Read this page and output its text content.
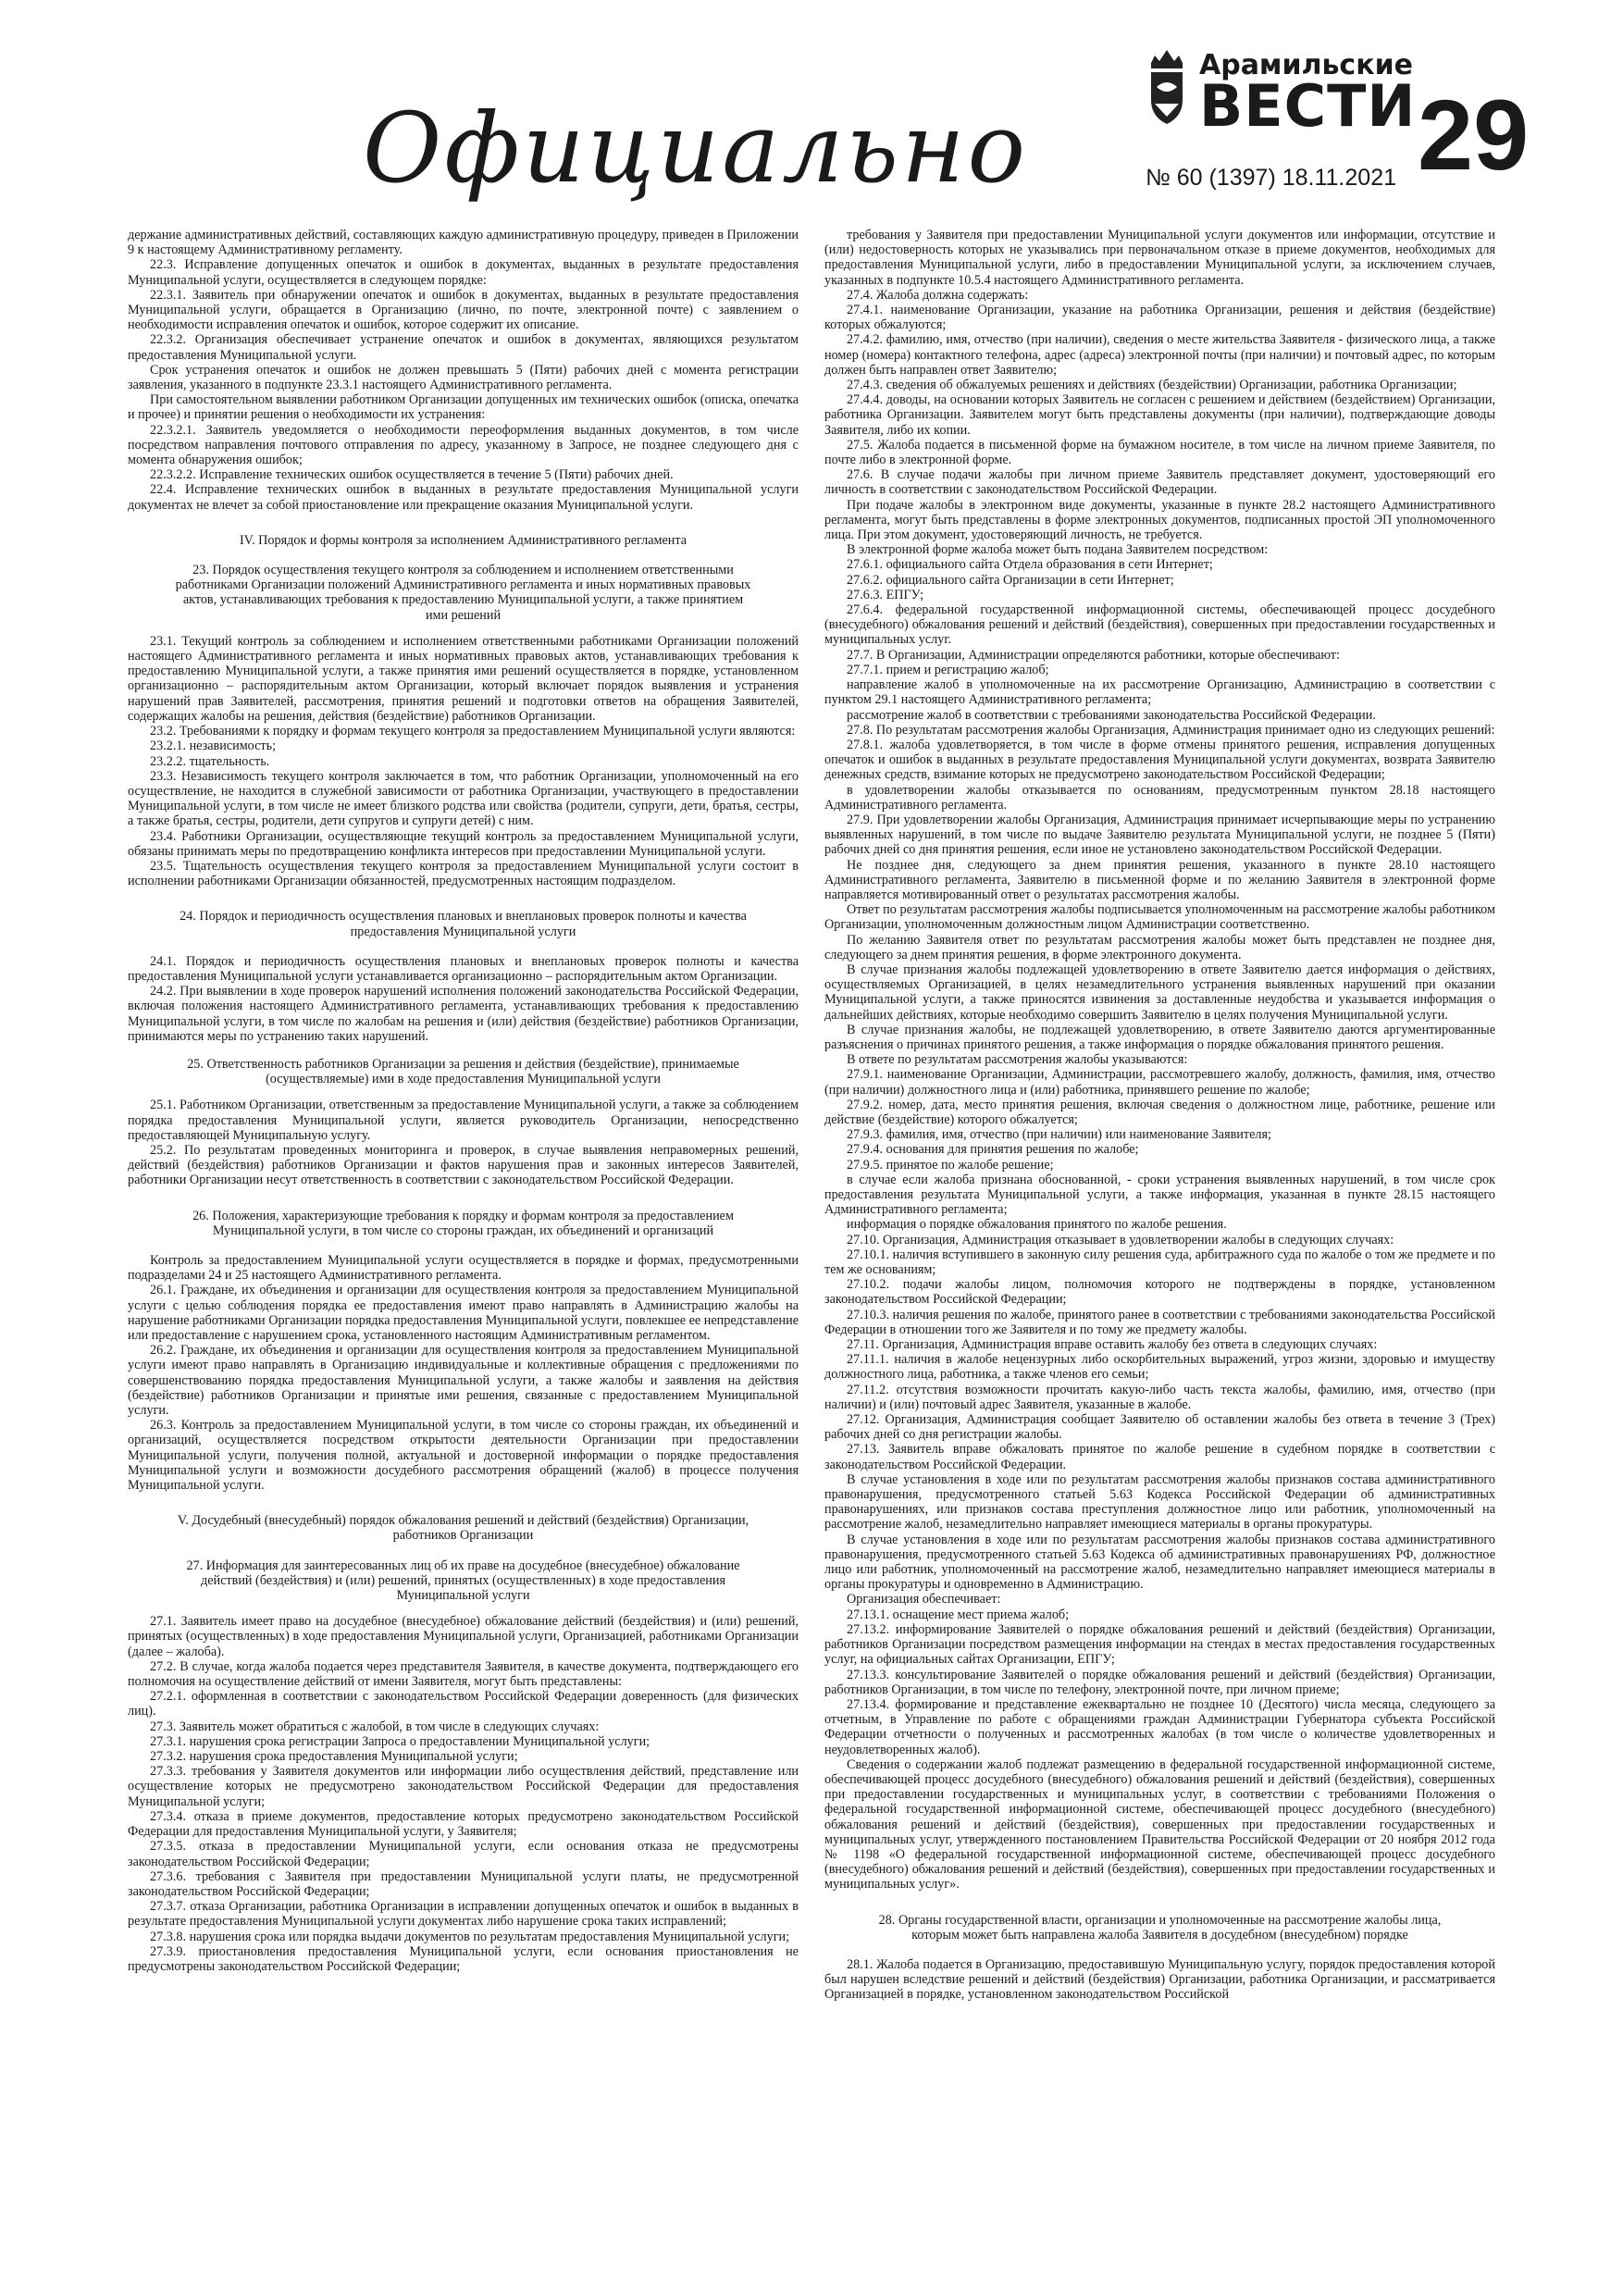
Официально
Арамильские
ВЕСТИ
№ 60 (1397) 18.11.2021 29

держание административных действий, составляющих каждую административную процедуру, приведен в Приложении 9 к настоящему Административному регламенту.

22.3. Исправление допущенных опечаток и ошибок в документах, выданных в результате предоставления Муниципальной услуги, осуществляется в следующем порядке:

22.3.1. Заявитель при обнаружении опечаток и ошибок в документах, выданных в результате предоставления Муниципальной услуги, обращается в Организацию (лично, по почте, электронной почте) с заявлением о необходимости исправления опечаток и ошибок, которое содержит их описание.

22.3.2. Организация обеспечивает устранение опечаток и ошибок в документах, являющихся результатом предоставления Муниципальной услуги.

Срок устранения опечаток и ошибок не должен превышать 5 (Пяти) рабочих дней с момента регистрации заявления, указанного в подпункте 23.3.1 настоящего Административного регламента.

При самостоятельном выявлении работником Организации допущенных им технических ошибок (описка, опечатка и прочее) и принятии решения о необходимости их устранения:

22.3.2.1. Заявитель уведомляется о необходимости переоформления выданных документов, в том числе посредством направления почтового отправления по адресу, указанному в Запросе, не позднее следующего дня с момента обнаружения ошибок;

22.3.2.2. Исправление технических ошибок осуществляется в течение 5 (Пяти) рабочих дней.

22.4. Исправление технических ошибок в выданных в результате предоставления Муниципальной услуги документах не влечет за собой приостановление или прекращение оказания Муниципальной услуги.

IV. Порядок и формы контроля за исполнением Административного регламента

23. Порядок осуществления текущего контроля за соблюдением и исполнением ответственными работниками Организации положений Административного регламента и иных нормативных правовых актов, устанавливающих требования к предоставлению Муниципальной услуги, а также принятием ими решений

23.1. Текущий контроль за соблюдением и исполнением ответственными работниками Организации положений настоящего Административного регламента и иных нормативных правовых актов, устанавливающих требования к предоставлению Муниципальной услуги, а также принятия ими решений осуществляется в порядке, установленном организационно – распорядительным актом Организации, который включает порядок выявления и устранения нарушений прав Заявителей, рассмотрения, принятия решений и подготовки ответов на обращения Заявителей, содержащих жалобы на решения, действия (бездействие) работников Организации.

23.2. Требованиями к порядку и формам текущего контроля за предоставлением Муниципальной услуги являются:

23.2.1. независимость;

23.2.2. тщательность.

23.3. Независимость текущего контроля заключается в том, что работник Организации, уполномоченный на его осуществление, не находится в служебной зависимости от работника Организации, участвующего в предоставлении Муниципальной услуги, в том числе не имеет близкого родства или свойства (родители, супруги, дети, братья, сестры, а также братья, сестры, родители, дети супругов и супруги детей) с ним.

23.4. Работники Организации, осуществляющие текущий контроль за предоставлением Муниципальной услуги, обязаны принимать меры по предотвращению конфликта интересов при предоставлении Муниципальной услуги.

23.5. Тщательность осуществления текущего контроля за предоставлением Муниципальной услуги состоит в исполнении работниками Организации обязанностей, предусмотренных настоящим подразделом.

24. Порядок и периодичность осуществления плановых и внеплановых проверок полноты и качества предоставления Муниципальной услуги

24.1. Порядок и периодичность осуществления плановых и внеплановых проверок полноты и качества предоставления Муниципальной услуги устанавливается организационно – распорядительным актом Организации.

24.2. При выявлении в ходе проверок нарушений исполнения положений законодательства Российской Федерации, включая положения настоящего Административного регламента, устанавливающих требования к предоставлению Муниципальной услуги, в том числе по жалобам на решения и (или) действия (бездействие) работников Организации, принимаются меры по устранению таких нарушений.

25. Ответственность работников Организации за решения и действия (бездействие), принимаемые (осуществляемые) ими в ходе предоставления Муниципальной услуги

25.1. Работником Организации, ответственным за предоставление Муниципальной услуги, а также за соблюдением порядка предоставления Муниципальной услуги, является руководитель Организации, непосредственно предоставляющей Муниципальную услугу.

25.2. По результатам проведенных мониторинга и проверок, в случае выявления неправомерных решений, действий (бездействия) работников Организации и фактов нарушения прав и законных интересов Заявителей, работники Организации несут ответственность в соответствии с законодательством Российской Федерации.

26. Положения, характеризующие требования к порядку и формам контроля за предоставлением Муниципальной услуги, в том числе со стороны граждан, их объединений и организаций

Контроль за предоставлением Муниципальной услуги осуществляется в порядке и формах, предусмотренными подразделами 24 и 25 настоящего Административного регламента.

26.1. Граждане, их объединения и организации для осуществления контроля за предоставлением Муниципальной услуги с целью соблюдения порядка ее предоставления имеют право направлять в Администрацию жалобы на нарушение работниками Организации порядка предоставления Муниципальной услуги, повлекшее ее непредставление или предоставление с нарушением срока, установленного настоящим Административным регламентом.

26.2. Граждане, их объединения и организации для осуществления контроля за предоставлением Муниципальной услуги имеют право направлять в Организацию индивидуальные и коллективные обращения с предложениями по совершенствованию порядка предоставления Муниципальной услуги, а также жалобы и заявления на действия (бездействие) работников Организации и принятые ими решения, связанные с предоставлением Муниципальной услуги.

26.3. Контроль за предоставлением Муниципальной услуги, в том числе со стороны граждан, их объединений и организаций, осуществляется посредством открытости деятельности Организации при предоставлении Муниципальной услуги, получения полной, актуальной и достоверной информации о порядке предоставления Муниципальной услуги и возможности досудебного рассмотрения обращений (жалоб) в процессе получения Муниципальной услуги.

V. Досудебный (внесудебный) порядок обжалования решений и действий (бездействия) Организации, работников Организации

27. Информация для заинтересованных лиц об их праве на досудебное (внесудебное) обжалование действий (бездействия) и (или) решений, принятых (осуществленных) в ходе предоставления Муниципальной услуги

27.1. Заявитель имеет право на досудебное (внесудебное) обжалование действий (бездействия) и (или) решений, принятых (осуществленных) в ходе предоставления Муниципальной услуги, Организацией, работниками Организации (далее – жалоба).

27.2. В случае, когда жалоба подается через представителя Заявителя, в качестве документа, подтверждающего его полномочия на осуществление действий от имени Заявителя, могут быть представлены:

27.2.1. оформленная в соответствии с законодательством Российской Федерации доверенность (для физических лиц).

27.3. Заявитель может обратиться с жалобой, в том числе в следующих случаях:

27.3.1. нарушения срока регистрации Запроса о предоставлении Муниципальной услуги;

27.3.2. нарушения срока предоставления Муниципальной услуги;

27.3.3. требования у Заявителя документов или информации либо осуществления действий, представление или осуществление которых не предусмотрено законодательством Российской Федерации для предоставления Муниципальной услуги;

27.3.4. отказа в приеме документов, предоставление которых предусмотрено законодательством Российской Федерации для предоставления Муниципальной услуги, у Заявителя;

27.3.5. отказа в предоставлении Муниципальной услуги, если основания отказа не предусмотрены законодательством Российской Федерации;

27.3.6. требования с Заявителя при предоставлении Муниципальной услуги платы, не предусмотренной законодательством Российской Федерации;

27.3.7. отказа Организации, работника Организации в исправлении допущенных опечаток и ошибок в выданных в результате предоставления Муниципальной услуги документах либо нарушение срока таких исправлений;

27.3.8. нарушения срока или порядка выдачи документов по результатам предоставления Муниципальной услуги;

27.3.9. приостановления предоставления Муниципальной услуги, если основания приостановления не предусмотрены законодательством Российской Федерации;

требования у Заявителя при предоставлении Муниципальной услуги документов или информации, отсутствие и (или) недостоверность которых не указывались при первоначальном отказе в приеме документов, необходимых для предоставления Муниципальной услуги, либо в предоставлении Муниципальной услуги, за исключением случаев, указанных в подпункте 10.5.4 настоящего Административного регламента.

27.4. Жалоба должна содержать:

27.4.1. наименование Организации, указание на работника Организации, решения и действия (бездействие) которых обжалуются;

27.4.2. фамилию, имя, отчество (при наличии), сведения о месте жительства Заявителя - физического лица, а также номер (номера) контактного телефона, адрес (адреса) электронной почты (при наличии) и почтовый адрес, по которым должен быть направлен ответ Заявителю;

27.4.3. сведения об обжалуемых решениях и действиях (бездействии) Организации, работника Организации;

27.4.4. доводы, на основании которых Заявитель не согласен с решением и действием (бездействием) Организации, работника Организации. Заявителем могут быть представлены документы (при наличии), подтверждающие доводы Заявителя, либо их копии.

27.5. Жалоба подается в письменной форме на бумажном носителе, в том числе на личном приеме Заявителя, по почте либо в электронной форме.

27.6. В случае подачи жалобы при личном приеме Заявитель представляет документ, удостоверяющий его личность в соответствии с законодательством Российской Федерации.

При подаче жалобы в электронном виде документы, указанные в пункте 28.2 настоящего Административного регламента, могут быть представлены в форме электронных документов, подписанных простой ЭП уполномоченного лица. При этом документ, удостоверяющий личность, не требуется.

В электронной форме жалоба может быть подана Заявителем посредством:

27.6.1. официального сайта Отдела образования в сети Интернет;

27.6.2. официального сайта Организации в сети Интернет;

27.6.3. ЕПГУ;

27.6.4. федеральной государственной информационной системы, обеспечивающей процесс досудебного (внесудебного) обжалования решений и действий (бездействия), совершенных при предоставлении государственных и муниципальных услуг.

27.7. В Организации, Администрации определяются работники, которые обеспечивают:

27.7.1. прием и регистрацию жалоб;

направление жалоб в уполномоченные на их рассмотрение Организацию, Администрацию в соответствии с пунктом 29.1 настоящего Административного регламента;

рассмотрение жалоб в соответствии с требованиями законодательства Российской Федерации.

27.8. По результатам рассмотрения жалобы Организация, Администрация принимает одно из следующих решений:

27.8.1. жалоба удовлетворяется, в том числе в форме отмены принятого решения, исправления допущенных опечаток и ошибок в выданных в результате предоставления Муниципальной услуги документах, возврата Заявителю денежных средств, взимание которых не предусмотрено законодательством Российской Федерации;

в удовлетворении жалобы отказывается по основаниям, предусмотренным пунктом 28.18 настоящего Административного регламента.

27.9. При удовлетворении жалобы Организация, Администрация принимает исчерпывающие меры по устранению выявленных нарушений, в том числе по выдаче Заявителю результата Муниципальной услуги, не позднее 5 (Пяти) рабочих дней со дня принятия решения, если иное не установлено законодательством Российской Федерации.

Не позднее дня, следующего за днем принятия решения, указанного в пункте 28.10 настоящего Административного регламента, Заявителю в письменной форме и по желанию Заявителя в электронной форме направляется мотивированный ответ о результатах рассмотрения жалобы.

Ответ по результатам рассмотрения жалобы подписывается уполномоченным на рассмотрение жалобы работником Организации, уполномоченным должностным лицом Администрации соответственно.

По желанию Заявителя ответ по результатам рассмотрения жалобы может быть представлен не позднее дня, следующего за днем принятия решения, в форме электронного документа.

В случае признания жалобы подлежащей удовлетворению в ответе Заявителю дается информация о действиях, осуществляемых Организацией, в целях незамедлительного устранения выявленных нарушений при оказании Муниципальной услуги, а также приносятся извинения за доставленные неудобства и указывается информация о дальнейших действиях, которые необходимо совершить Заявителю в целях получения Муниципальной услуги.

В случае признания жалобы, не подлежащей удовлетворению, в ответе Заявителю даются аргументированные разъяснения о причинах принятого решения, а также информация о порядке обжалования принятого решения.

В ответе по результатам рассмотрения жалобы указываются:

27.9.1. наименование Организации, Администрации, рассмотревшего жалобу, должность, фамилия, имя, отчество (при наличии) должностного лица и (или) работника, принявшего решение по жалобе;

27.9.2. номер, дата, место принятия решения, включая сведения о должностном лице, работнике, решение или действие (бездействие) которого обжалуется;

27.9.3. фамилия, имя, отчество (при наличии) или наименование Заявителя;

27.9.4. основания для принятия решения по жалобе;

27.9.5. принятое по жалобе решение;

в случае если жалоба признана обоснованной, - сроки устранения выявленных нарушений, в том числе срок предоставления результата Муниципальной услуги, а также информация, указанная в пункте 28.15 настоящего Административного регламента;

информация о порядке обжалования принятого по жалобе решения.

27.10. Организация, Администрация отказывает в удовлетворении жалобы в следующих случаях:

27.10.1. наличия вступившего в законную силу решения суда, арбитражного суда по жалобе о том же предмете и по тем же основаниям;

27.10.2. подачи жалобы лицом, полномочия которого не подтверждены в порядке, установленном законодательством Российской Федерации;

27.10.3. наличия решения по жалобе, принятого ранее в соответствии с требованиями законодательства Российской Федерации в отношении того же Заявителя и по тому же предмету жалобы.

27.11. Организация, Администрация вправе оставить жалобу без ответа в следующих случаях:

27.11.1. наличия в жалобе нецензурных либо оскорбительных выражений, угроз жизни, здоровью и имуществу должностного лица, работника, а также членов его семьи;

27.11.2. отсутствия возможности прочитать какую-либо часть текста жалобы, фамилию, имя, отчество (при наличии) и (или) почтовый адрес Заявителя, указанные в жалобе.

27.12. Организация, Администрация сообщает Заявителю об оставлении жалобы без ответа в течение 3 (Трех) рабочих дней со дня регистрации жалобы.

27.13. Заявитель вправе обжаловать принятое по жалобе решение в судебном порядке в соответствии с законодательством Российской Федерации.

В случае установления в ходе или по результатам рассмотрения жалобы признаков состава административного правонарушения, предусмотренного статьей 5.63 Кодекса Российской Федерации об административных правонарушениях, или признаков состава преступления должностное лицо или работник, уполномоченный на рассмотрение жалоб, незамедлительно направляет имеющиеся материалы в органы прокуратуры.

В случае установления в ходе или по результатам рассмотрения жалобы признаков состава административного правонарушения, предусмотренного статьей 5.63 Кодекса об административных правонарушениях РФ, должностное лицо или работник, уполномоченный на рассмотрение жалоб, незамедлительно направляет имеющиеся материалы в органы прокуратуры и одновременно в Администрацию.

Организация обеспечивает:

27.13.1. оснащение мест приема жалоб;

27.13.2. информирование Заявителей о порядке обжалования решений и действий (бездействия) Организации, работников Организации посредством размещения информации на стендах в местах предоставления государственных услуг, на официальных сайтах Организации, ЕПГУ;

27.13.3. консультирование Заявителей о порядке обжалования решений и действий (бездействия) Организации, работников Организации, в том числе по телефону, электронной почте, при личном приеме;

27.13.4. формирование и представление ежеквартально не позднее 10 (Десятого) числа месяца, следующего за отчетным, в Управление по работе с обращениями граждан Администрации Губернатора субъекта Российской Федерации отчетности о полученных и рассмотренных жалобах (в том числе о количестве удовлетворенных и неудовлетворенных жалоб).

Сведения о содержании жалоб подлежат размещению в федеральной государственной информационной системе, обеспечивающей процесс досудебного (внесудебного) обжалования решений и действий (бездействия), совершенных при предоставлении государственных и муниципальных услуг, в соответствии с требованиями Положения о федеральной государственной информационной системе, обеспечивающей процесс досудебного (внесудебного) обжалования решений и действий (бездействия), совершенных при предоставлении государственных и муниципальных услуг, утвержденного постановлением Правительства Российской Федерации от 20 ноября 2012 года № 1198 «О федеральной государственной информационной системе, обеспечивающей процесс досудебного (внесудебного) обжалования решений и действий (бездействия), совершенных при предоставлении государственных и муниципальных услуг».

28. Органы государственной власти, организации и уполномоченные на рассмотрение жалобы лица, которым может быть направлена жалоба Заявителя в досудебном (внесудебном) порядке

28.1. Жалоба подается в Организацию, предоставившую Муниципальную услугу, порядок предоставления которой был нарушен вследствие решений и действий (бездействия) Организации, работника Организации, и рассматривается Организацией в порядке, установленном законодательством Российской
